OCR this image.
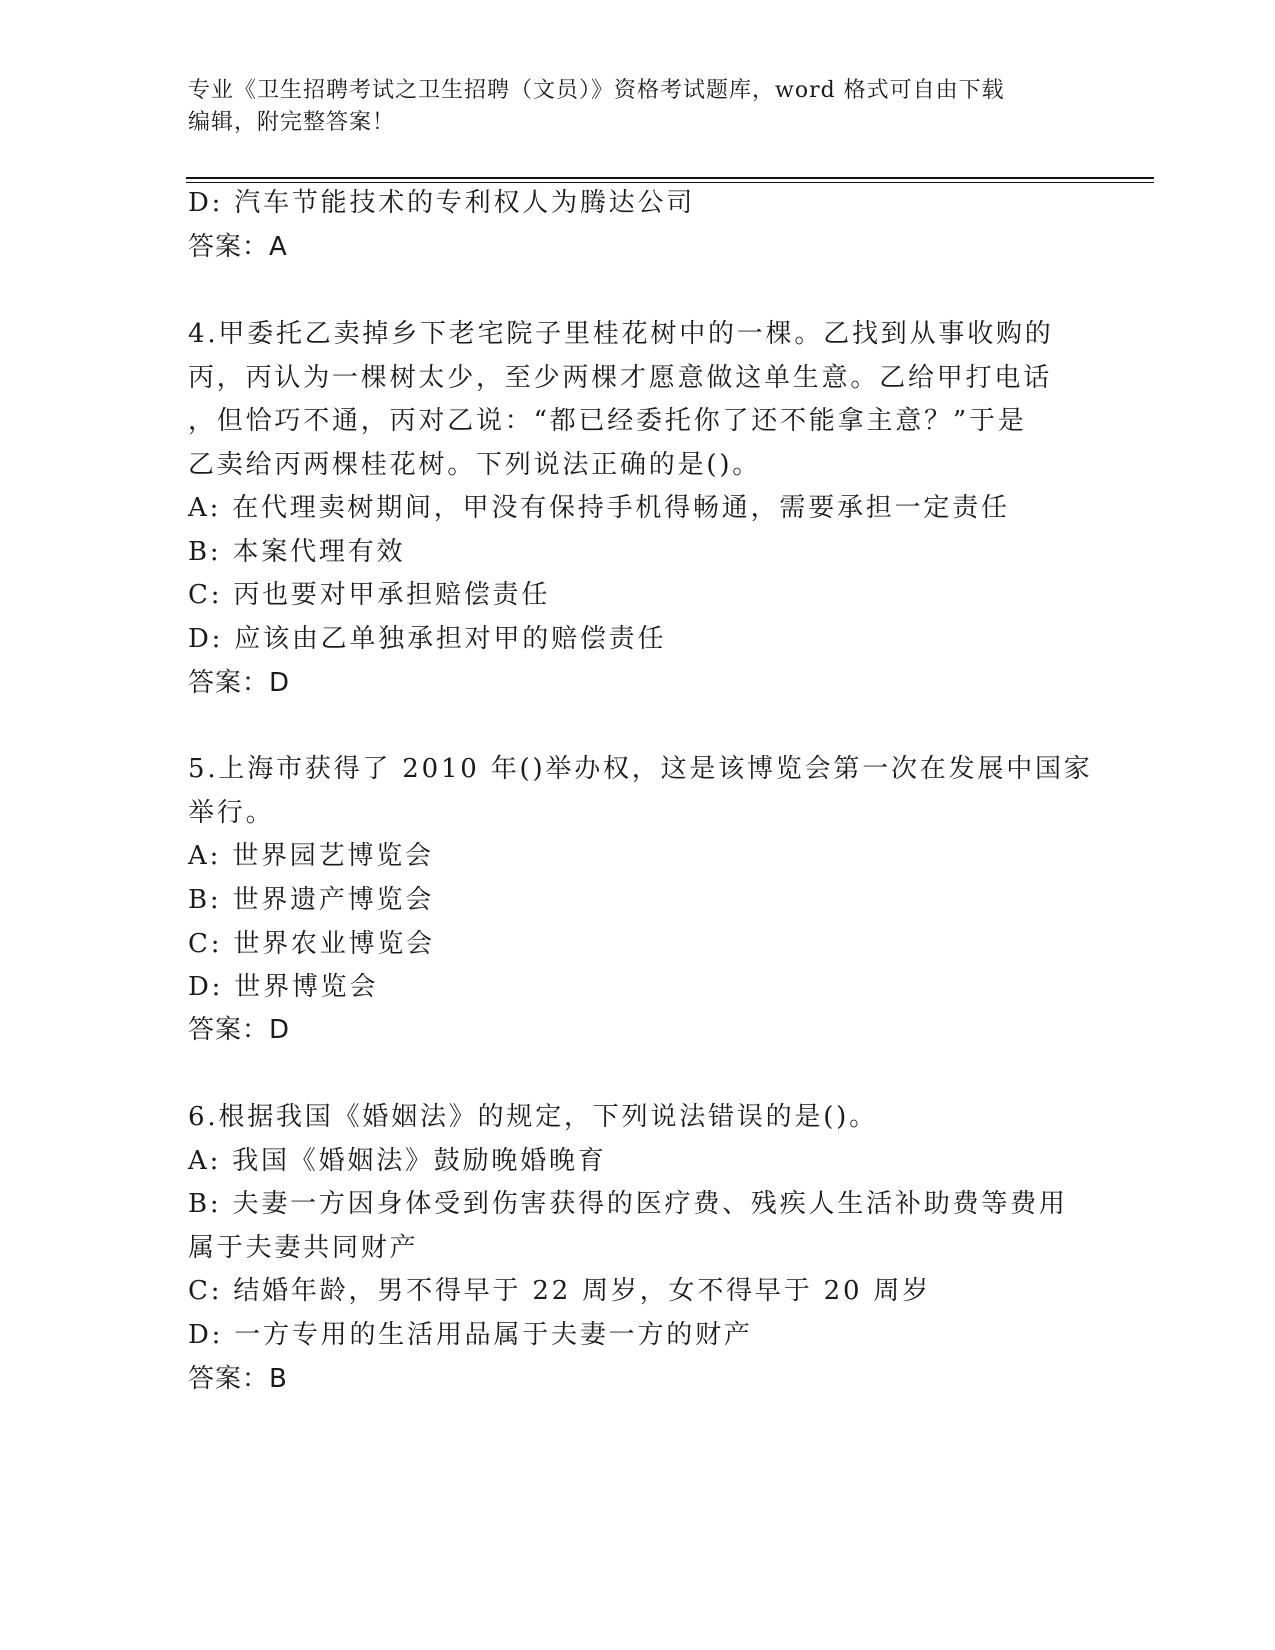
专业《卫生招聘考试之卫生招聘（文员）》资格考试题库，word 格式可自由下载
编辑，附完整答案！
D: 汽车节能技术的专利权人为腾达公司
答案：A
4.甲委托乙卖掉乡下老宅院子里桂花树中的一棵。乙找到从事收购的
丙，丙认为一棵树太少，至少两棵才愿意做这单生意。乙给甲打电话
，但恰巧不通，丙对乙说：“都已经委托你了还不能拿主意？”于是
乙卖给丙两棵桂花树。下列说法正确的是()。
A: 在代理卖树期间，甲没有保持手机得畅通，需要承担一定责任
B: 本案代理有效
C: 丙也要对甲承担赔偿责任
D: 应该由乙单独承担对甲的赔偿责任
答案：D
5.上海市获得了 2010 年()举办权，这是该博览会第一次在发展中国家
举行。
A: 世界园艺博览会
B: 世界遗产博览会
C: 世界农业博览会
D: 世界博览会
答案：D
6.根据我国《婚姻法》的规定，下列说法错误的是()。
A: 我国《婚姻法》鼓励晚婚晚育
B: 夫妻一方因身体受到伤害获得的医疗费、残疾人生活补助费等费用
属于夫妻共同财产
C: 结婚年龄，男不得早于 22 周岁，女不得早于 20 周岁
D: 一方专用的生活用品属于夫妻一方的财产
答案：B
